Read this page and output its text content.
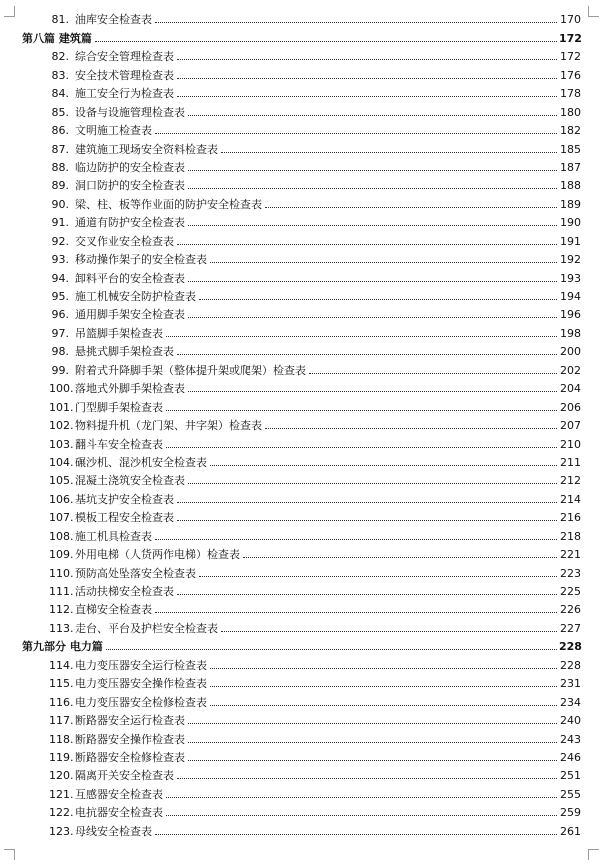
81. 油库安全检查表	170
第八篇 建筑篇	172
82. 综合安全管理检查表	172
83. 安全技术管理检查表	176
84. 施工安全行为检查表	178
85. 设备与设施管理检查表	180
86. 文明施工检查表	182
87. 建筑施工现场安全资料检查表	185
88. 临边防护的安全检查表	187
89. 洞口防护的安全检查表	188
90. 梁、柱、板等作业面的防护安全检查表	189
91. 通道有防护安全检查表	190
92. 交叉作业安全检查表	191
93. 移动操作架子的安全检查表	192
94. 卸料平台的安全检查表	193
95. 施工机械安全防护检查表	194
96. 通用脚手架安全检查表	196
97. 吊篮脚手架检查表	198
98. 悬挑式脚手架检查表	200
99. 附着式升降脚手架（整体提升架或爬架）检查表	202
100. 落地式外脚手架检查表	204
101. 门型脚手架检查表	206
102. 物料提升机（龙门架、井字架）检查表	207
103. 翻斗车安全检查表	210
104. 碾沙机、混沙机安全检查表	211
105. 混凝土浇筑安全检查表	212
106. 基坑支护安全检查表	214
107. 模板工程安全检查表	216
108. 施工机具检查表	218
109. 外用电梯（人货两作电梯）检查表	221
110. 预防高处坠落安全检查表	223
111. 活动扶梯安全检查表	225
112. 直梯安全检查表	226
113. 走台、平台及护栏安全检查表	227
第九部分 电力篇	228
114. 电力变压器安全运行检查表	228
115. 电力变压器安全操作检查表	231
116. 电力变压器安全检修检查表	234
117. 断路器安全运行检查表	240
118. 断路器安全操作检查表	243
119. 断路器安全检修检查表	246
120. 隔离开关安全检查表	251
121. 互感器安全检查表	255
122. 电抗器安全检查表	259
123. 母线安全检查表	261
